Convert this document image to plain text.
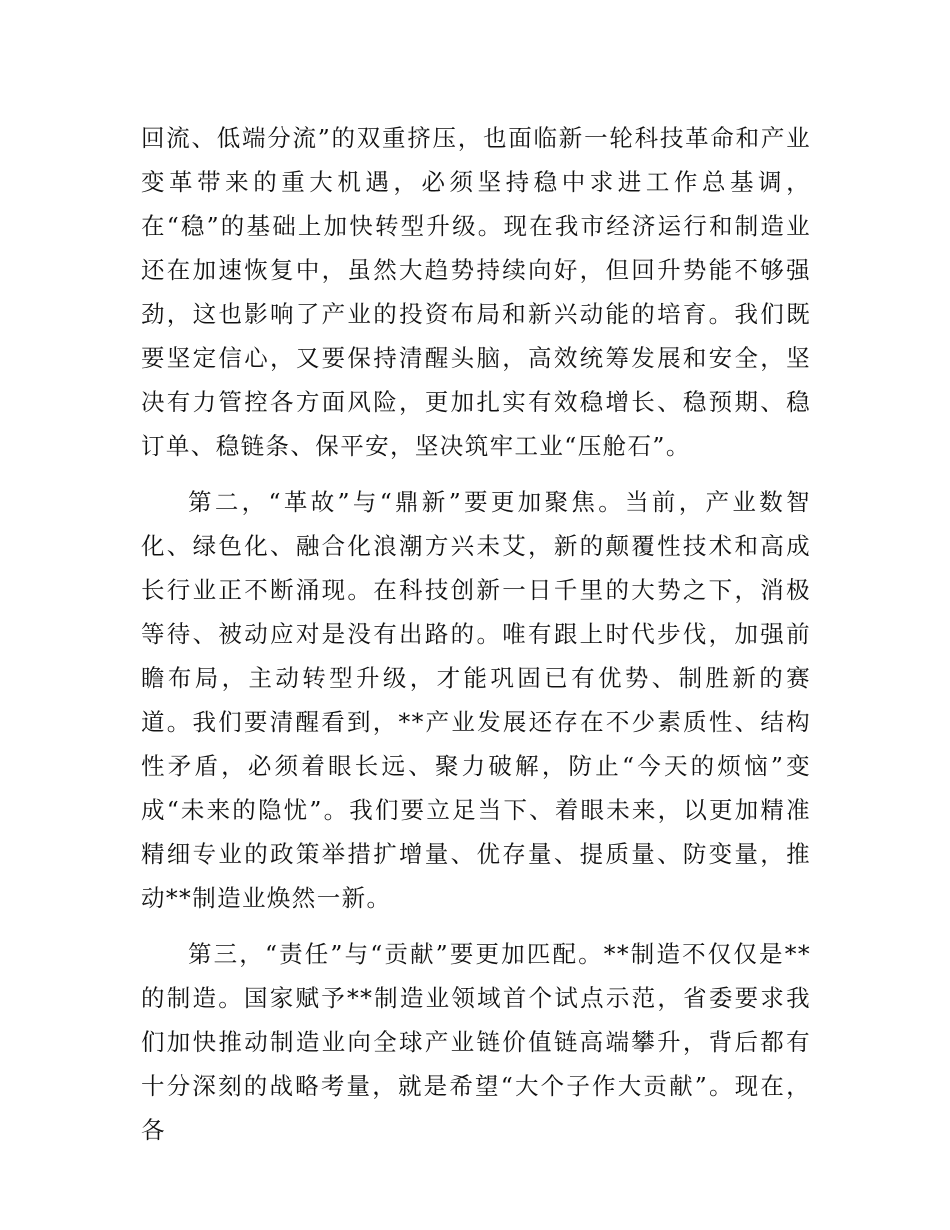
回流、低端分流”的双重挤压，也面临新一轮科技革命和产业变革带来的重大机遇，必须坚持稳中求进工作总基调，在“稳”的基础上加快转型升级。现在我市经济运行和制造业还在加速恢复中，虽然大趋势持续向好，但回升势能不够强劲，这也影响了产业的投资布局和新兴动能的培育。我们既要坚定信心，又要保持清醒头脑，高效统筹发展和安全，坚决有力管控各方面风险，更加扎实有效稳增长、稳预期、稳订单、稳链条、保平安，坚决筑牢工业“压舱石”。

第二，“革故”与“鼎新”要更加聚焦。当前，产业数智化、绿色化、融合化浪潮方兴未艾，新的颠覆性技术和高成长行业正不断涌现。在科技创新一日千里的大势之下，消极等待、被动应对是没有出路的。唯有跟上时代步伐，加强前瞻布局，主动转型升级，才能巩固已有优势、制胜新的赛道。我们要清醒看到，**产业发展还存在不少素质性、结构性矛盾，必须着眼长远、聚力破解，防止“今天的烦恼”变成“未来的隐忧”。我们要立足当下、着眼未来，以更加精准精细专业的政策举措扩增量、优存量、提质量、防变量，推动**制造业焕然一新。

第三，“责任”与“贡献”要更加匹配。**制造不仅仅是**的制造。国家赋予**制造业领域首个试点示范，省委要求我们加快推动制造业向全球产业链价值链高端攀升，背后都有十分深刻的战略考量，就是希望“大个子作大贡献”。现在，各
